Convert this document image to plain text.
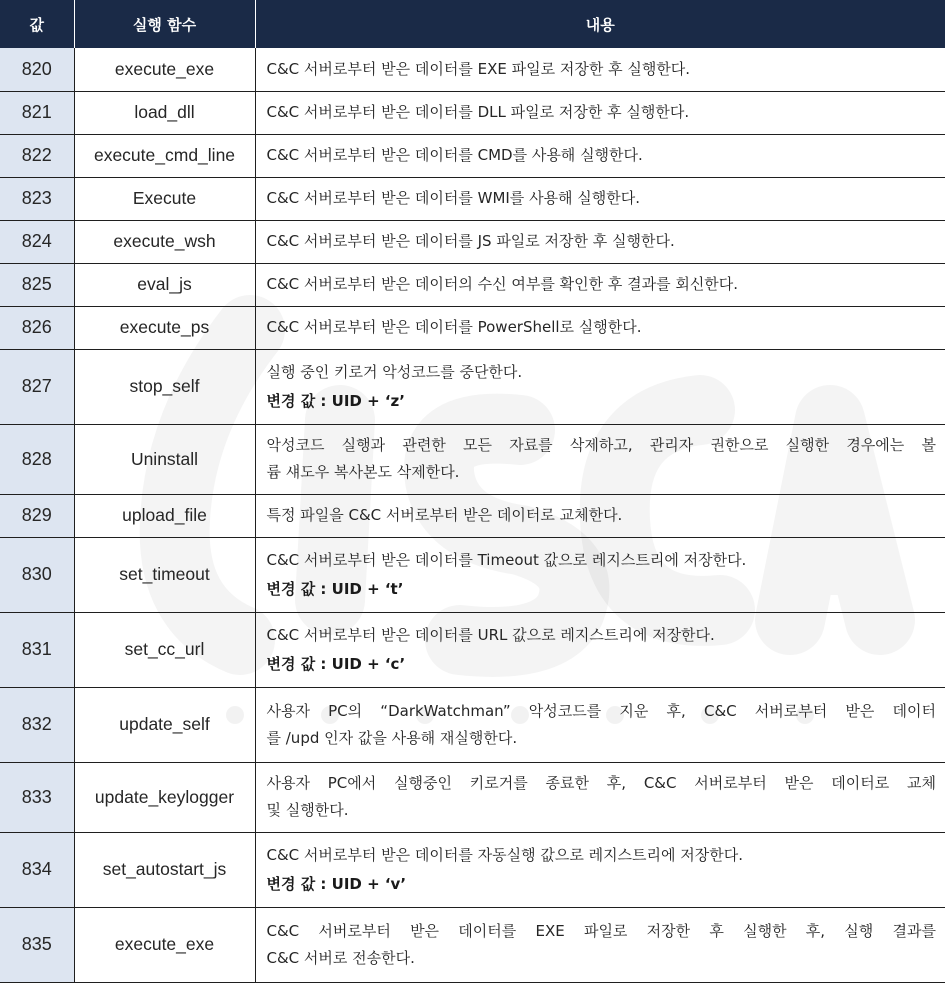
값	실행 함수	내용
820	execute_exe	C&C 서버로부터 받은 데이터를 EXE 파일로 저장한 후 실행한다.

821	load_dll	C&C 서버로부터 받은 데이터를 DLL 파일로 저장한 후 실행한다.

822	execute_cmd_line	C&C 서버로부터 받은 데이터를 CMD를 사용해 실행한다.

823	Execute	C&C 서버로부터 받은 데이터를 WMI를 사용해 실행한다.

824	execute_wsh	C&C 서버로부터 받은 데이터를 JS 파일로 저장한 후 실행한다.

825	eval_js	C&C 서버로부터 받은 데이터의 수신 여부를 확인한 후 결과를 회신한다.

826	execute_ps	C&C 서버로부터 받은 데이터를 PowerShell로 실행한다.

827	stop_self	실행 중인 키로거 악성코드를 중단한다.
변경 값 : UID + ‘z’

828	Uninstall	악성코드 실행과 관련한 모든 자료를 삭제하고, 관리자 권한으로 실행한 경우에는 볼
륨 섀도우 복사본도 삭제한다.

829	upload_file	특정 파일을 C&C 서버로부터 받은 데이터로 교체한다.

830	set_timeout	C&C 서버로부터 받은 데이터를 Timeout 값으로 레지스트리에 저장한다.
변경 값 : UID + ‘t’

831	set_cc_url	C&C 서버로부터 받은 데이터를 URL 값으로 레지스트리에 저장한다.
변경 값 : UID + ‘c’

832	update_self	사용자 PC의 “DarkWatchman” 악성코드를 지운 후, C&C 서버로부터 받은 데이터
를 /upd 인자 값을 사용해 재실행한다.

833	update_keylogger	사용자 PC에서 실행중인 키로거를 종료한 후, C&C 서버로부터 받은 데이터로 교체
및 실행한다.

834	set_autostart_js	C&C 서버로부터 받은 데이터를 자동실행 값으로 레지스트리에 저장한다.
변경 값 : UID + ‘v’

835	execute_exe	C&C 서버로부터 받은 데이터를 EXE 파일로 저장한 후 실행한 후, 실행 결과를
C&C 서버로 전송한다.
